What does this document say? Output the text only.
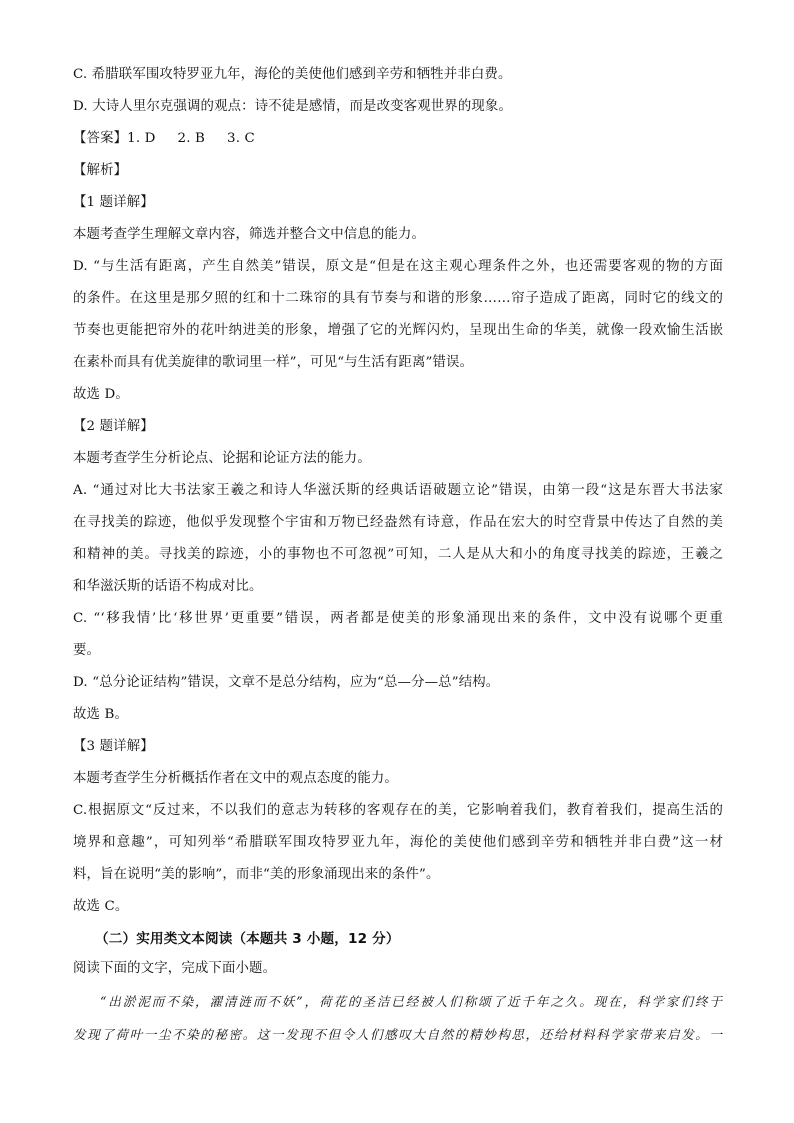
C. 希腊联军围攻特罗亚九年，海伦的美使他们感到辛劳和牺牲并非白费。
D. 大诗人里尔克强调的观点：诗不徒是感情，而是改变客观世界的现象。
【答案】1. D 2. B 3. C
【解析】
【1 题详解】
本题考查学生理解文章内容，筛选并整合文中信息的能力。
D. “与生活有距离，产生自然美”错误，原文是“但是在这主观心理条件之外，也还需要客观的物的方面
的条件。在这里是那夕照的红和十二珠帘的具有节奏与和谐的形象……帘子造成了距离，同时它的线文的
节奏也更能把帘外的花叶纳进美的形象，增强了它的光辉闪灼，呈现出生命的华美，就像一段欢愉生活嵌
在素朴而具有优美旋律的歌词里一样”，可见“与生活有距离”错误。
故选 D。
【2 题详解】
本题考查学生分析论点、论据和论证方法的能力。
A. “通过对比大书法家王羲之和诗人华滋沃斯的经典话语破题立论”错误，由第一段“这是东晋大书法家
在寻找美的踪迹，他似乎发现整个宇宙和万物已经盎然有诗意，作品在宏大的时空背景中传达了自然的美
和精神的美。寻找美的踪迹，小的事物也不可忽视”可知，二人是从大和小的角度寻找美的踪迹，王羲之
和华滋沃斯的话语不构成对比。
C. “‘移我情’比‘移世界’更重要”错误，两者都是使美的形象涌现出来的条件，文中没有说哪个更重
要。
D. “总分论证结构”错误，文章不是总分结构，应为“总—分—总”结构。
故选 B。
【3 题详解】
本题考查学生分析概括作者在文中的观点态度的能力。
C.根据原文“反过来，不以我们的意志为转移的客观存在的美，它影响着我们，教育着我们，提高生活的
境界和意趣”，可知列举“希腊联军围攻特罗亚九年，海伦的美使他们感到辛劳和牺牲并非白费”这一材
料，旨在说明“美的影响”，而非“美的形象涌现出来的条件”。
故选 C。
（二）实用类文本阅读（本题共 3 小题，12 分）
阅读下面的文字，完成下面小题。
“出淤泥而不染，濯清涟而不妖”，荷花的圣洁已经被人们称颂了近千年之久。现在，科学家们终于
发现了荷叶一尘不染的秘密。这一发现不但令人们感叹大自然的精妙构思，还给材料科学家带来启发。一
